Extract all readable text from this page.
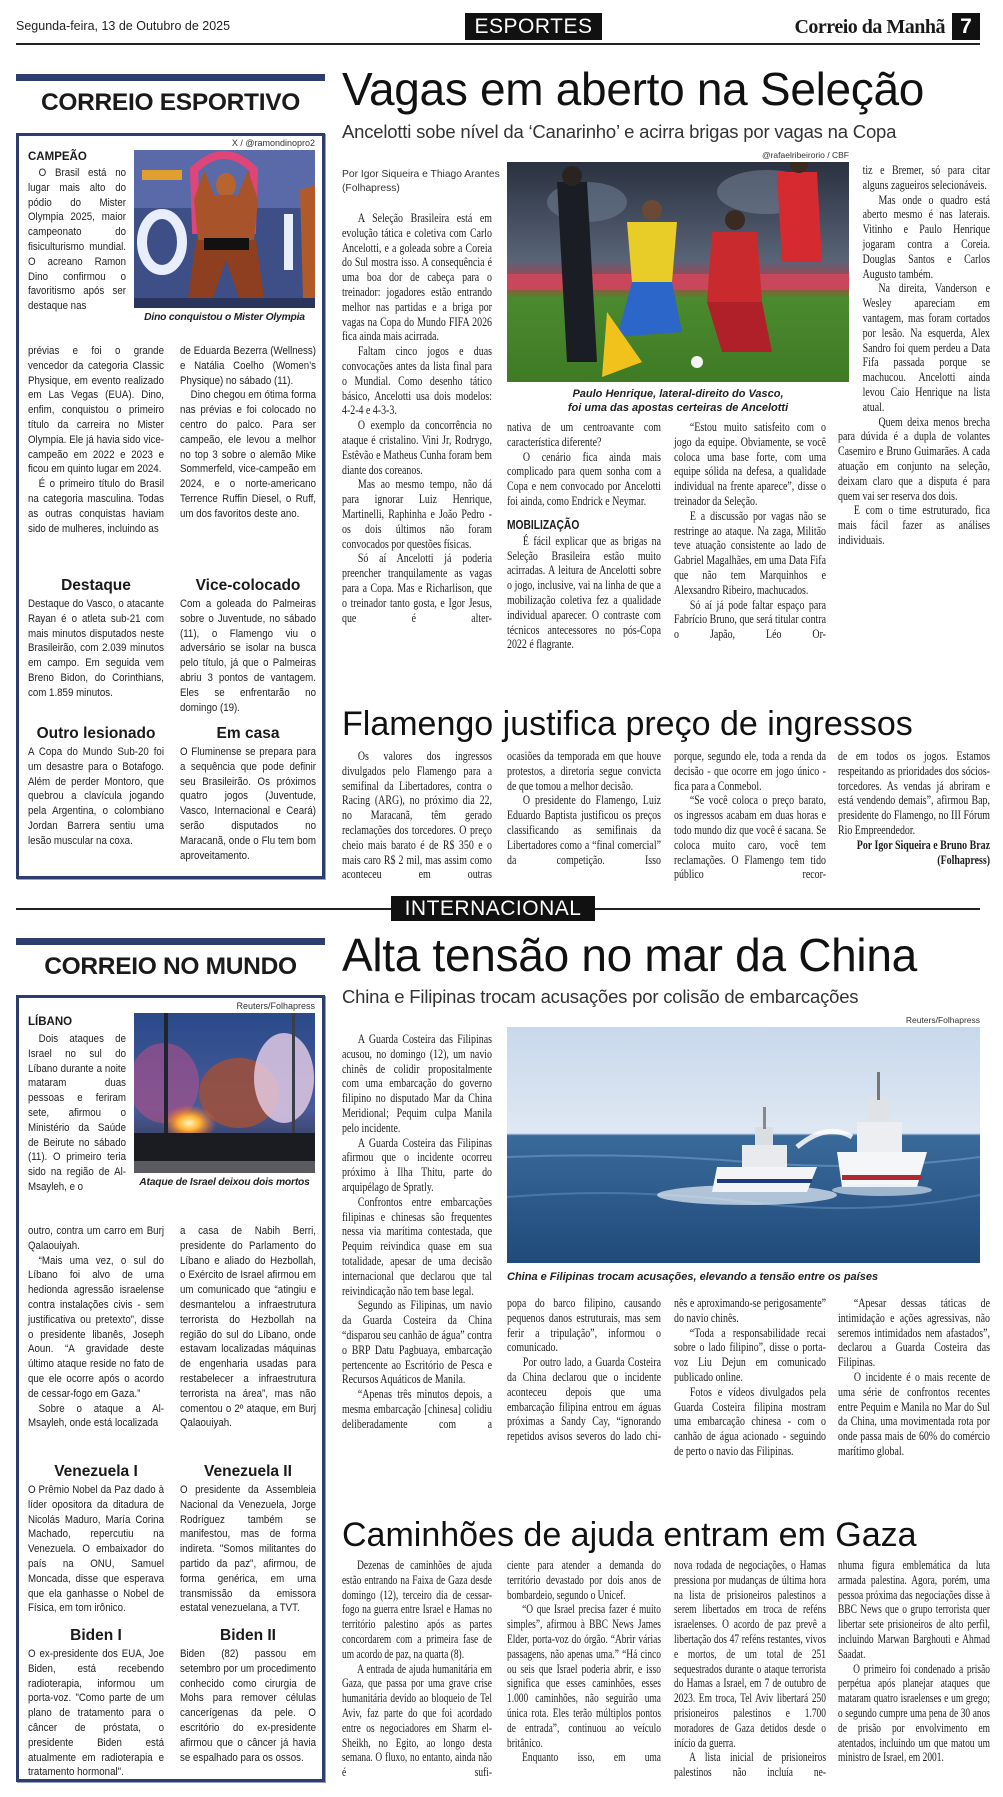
Segunda-feira, 13 de Outubro de 2025	ESPORTES	Correio da Manhã 7
CORREIO ESPORTIVO
X / @ramondinopro2
Dino conquistou o Mister Olympia
CAMPEÃO

O Brasil está no lugar mais alto do pódio do Mister Olympia 2025, maior campeonato do fisiculturismo mundial. O acreano Ramon Dino confirmou o favoritismo após ser destaque nas

prévias e foi o grande vencedor da categoria Classic Physique, em evento realizado em Las Vegas (EUA). Dino, enfim, conquistou o primeiro título da carreira no Mister Olympia. Ele já havia sido vice-campeão em 2022 e 2023 e ficou em quinto lugar em 2024.

É o primeiro título do Brasil na categoria masculina. Todas as outras conquistas haviam sido de mulheres, incluindo as

de Eduarda Bezerra (Wellness) e Natália Coelho (Women’s Physique) no sábado (11).

Dino chegou em ótima forma nas prévias e foi colocado no centro do palco. Para ser campeão, ele levou a melhor no top 3 sobre o alemão Mike Sommerfeld, vice-campeão em 2024, e o norte-americano Terrence Ruffin Diesel, o Ruff, um dos favoritos deste ano.

Destaque
Destaque do Vasco, o atacante Rayan é o atleta sub-21 com mais minutos disputados neste Brasileirão, com 2.039 minutos em campo. Em seguida vem Breno Bidon, do Corinthians, com 1.859 minutos.
Vice-colocado
Com a goleada do Palmeiras sobre o Juventude, no sábado (11), o Flamengo viu o adversário se isolar na busca pelo título, já que o Palmeiras abriu 3 pontos de vantagem. Eles se enfrentarão no domingo (19).
Outro lesionado
A Copa do Mundo Sub-20 foi um desastre para o Botafogo. Além de perder Montoro, que quebrou a clavícula jogando pela Argentina, o colombiano Jordan Barrera sentiu uma lesão muscular na coxa.
Em casa
O Fluminense se prepara para a sequência que pode definir seu Brasileirão. Os próximos quatro jogos (Juventude, Vasco, Internacional e Ceará) serão disputados no Maracanã, onde o Flu tem bom aproveitamento.
Vagas em aberto na Seleção
Ancelotti sobe nível da ‘Canarinho’ e acirra brigas por vagas na Copa
Por Igor Siqueira e Thiago Arantes (Folhapress)
@rafaelribeirorio / CBF
Paulo Henrique, lateral-direito do Vasco,
foi uma das apostas certeiras de Ancelotti

A Seleção Brasileira está em evolução tática e coletiva com Carlo Ancelotti, e a goleada sobre a Coreia do Sul mostra isso. A consequência é uma boa dor de cabeça para o treinador: jogadores estão entrando melhor nas partidas e a briga por vagas na Copa do Mundo FIFA 2026 fica ainda mais acirrada.

Faltam cinco jogos e duas convocações antes da lista final para o Mundial. Como desenho tático básico, Ancelotti usa dois modelos: 4-2-4 e 4-3-3.

O exemplo da concorrência no ataque é cristalino. Vini Jr, Rodrygo, Estêvão e Matheus Cunha foram bem diante dos coreanos.

Mas ao mesmo tempo, não dá para ignorar Luiz Henrique, Martinelli, Raphinha e João Pedro - os dois últimos não foram convocados por questões físicas.

Só aí Ancelotti já poderia preencher tranquilamente as vagas para a Copa. Mas e Richarlison, que o treinador tanto gosta, e Igor Jesus, que é alter-

nativa de um centroavante com característica diferente?

O cenário fica ainda mais complicado para quem sonha com a Copa e nem convocado por Ancelotti foi ainda, como Endrick e Neymar.

MOBILIZAÇÃO

É fácil explicar que as brigas na Seleção Brasileira estão muito acirradas. A leitura de Ancelotti sobre o jogo, inclusive, vai na linha de que a mobilização coletiva fez a qualidade individual aparecer. O contraste com técnicos antecessores no pós-Copa 2022 é flagrante.

“Estou muito satisfeito com o jogo da equipe. Obviamente, se você coloca uma base forte, com uma equipe sólida na defesa, a qualidade individual na frente aparece”, disse o treinador da Seleção.

E a discussão por vagas não se restringe ao ataque. Na zaga, Militão teve atuação consistente ao lado de Gabriel Magalhães, em uma Data Fifa que não tem Marquinhos e Alexsandro Ribeiro, machucados.

Só aí já pode faltar espaço para Fabrício Bruno, que será titular contra o Japão, Léo Or-

tiz e Bremer, só para citar alguns zagueiros selecionáveis.

Mas onde o quadro está aberto mesmo é nas laterais. Vitinho e Paulo Henrique jogaram contra a Coreia. Douglas Santos e Carlos Augusto também.

Na direita, Vanderson e Wesley apareciam em vantagem, mas foram cortados por lesão. Na esquerda, Alex Sandro foi quem perdeu a Data Fifa passada porque se machucou. Ancelotti ainda levou Caio Henrique na lista atual.

Quem deixa menos brecha para dúvida é a dupla de volantes Casemiro e Bruno Guimarães. A cada atuação em conjunto na seleção, deixam claro que a disputa é para quem vai ser reserva dos dois.

E com o time estruturado, fica mais fácil fazer as análises individuais.

Flamengo justifica preço de ingressos

Os valores dos ingressos divulgados pelo Flamengo para a semifinal da Libertadores, contra o Racing (ARG), no próximo dia 22, no Maracanã, têm gerado reclamações dos torcedores. O preço cheio mais barato é de R$ 350 e o mais caro R$ 2 mil, mas assim como aconteceu em outras

ocasiões da temporada em que houve protestos, a diretoria segue convicta de que tomou a melhor decisão.

O presidente do Flamengo, Luiz Eduardo Baptista justificou os preços classificando as semifinais da Libertadores como a “final comercial” da competição. Isso

porque, segundo ele, toda a renda da decisão - que ocorre em jogo único - fica para a Conmebol.

“Se você coloca o preço barato, os ingressos acabam em duas horas e todo mundo diz que você é sacana. Se coloca muito caro, você tem reclamações. O Flamengo tem tido público recor-

de em todos os jogos. Estamos respeitando as prioridades dos sócios-torcedores. As vendas já abriram e está vendendo demais”, afirmou Bap, presidente do Flamengo, no III Fórum Rio Empreendedor.

Por Igor Siqueira e Bruno Braz (Folhapress)
INTERNACIONAL
CORREIO NO MUNDO
Reuters/Folhapress
Ataque de Israel deixou dois mortos
LÍBANO

Dois ataques de Israel no sul do Líbano durante a noite mataram duas pessoas e feriram sete, afirmou o Ministério da Saúde de Beirute no sábado (11). O primeiro teria sido na região de Al-Msayleh, e o

outro, contra um carro em Burj Qalaouiyah.

“Mais uma vez, o sul do Líbano foi alvo de uma hedionda agressão israelense contra instalações civis - sem justificativa ou pretexto”, disse o presidente libanês, Joseph Aoun. “A gravidade deste último ataque reside no fato de que ele ocorre após o acordo de cessar-fogo em Gaza.”

Sobre o ataque a Al-Msayleh, onde está localizada

a casa de Nabih Berri, presidente do Parlamento do Líbano e aliado do Hezbollah, o Exército de Israel afirmou em um comunicado que “atingiu e desmantelou a infraestrutura terrorista do Hezbollah na região do sul do Líbano, onde estavam localizadas máquinas de engenharia usadas para restabelecer a infraestrutura terrorista na área”, mas não comentou o 2º ataque, em Burj Qalaouiyah.

Venezuela I
O Prêmio Nobel da Paz dado à líder opositora da ditadura de Nicolás Maduro, María Corina Machado, repercutiu na Venezuela. O embaixador do país na ONU, Samuel Moncada, disse que esperava que ela ganhasse o Nobel de Física, em tom irônico.
Venezuela II
O presidente da Assembleia Nacional da Venezuela, Jorge Rodríguez também se manifestou, mas de forma indireta. "Somos militantes do partido da paz", afirmou, de forma genérica, em uma transmissão da emissora estatal venezuelana, a TVT.
Biden I
O ex-presidente dos EUA, Joe Biden, está recebendo radioterapia, informou um porta-voz. "Como parte de um plano de tratamento para o câncer de próstata, o presidente Biden está atualmente em radioterapia e tratamento hormonal".
Biden II
Biden (82) passou em setembro por um procedimento conhecido como cirurgia de Mohs para remover células cancerígenas da pele. O escritório do ex-presidente afirmou que o câncer já havia se espalhado para os ossos.
Alta tensão no mar da China
China e Filipinas trocam acusações por colisão de embarcações
Reuters/Folhapress
China e Filipinas trocam acusações, elevando a tensão entre os países

A Guarda Costeira das Filipinas acusou, no domingo (12), um navio chinês de colidir propositalmente com uma embarcação do governo filipino no disputado Mar da China Meridional; Pequim culpa Manila pelo incidente.

A Guarda Costeira das Filipinas afirmou que o incidente ocorreu próximo à Ilha Thitu, parte do arquipélago de Spratly.

Confrontos entre embarcações filipinas e chinesas são frequentes nessa via marítima contestada, que Pequim reivindica quase em sua totalidade, apesar de uma decisão internacional que declarou que tal reivindicação não tem base legal.

Segundo as Filipinas, um navio da Guarda Costeira da China “disparou seu canhão de água” contra o BRP Datu Pagbuaya, embarcação pertencente ao Escritório de Pesca e Recursos Aquáticos de Manila.

“Apenas três minutos depois, a mesma embarcação [chinesa] colidiu deliberadamente com a

popa do barco filipino, causando pequenos danos estruturais, mas sem ferir a tripulação”, informou o comunicado.

Por outro lado, a Guarda Costeira da China declarou que o incidente aconteceu depois que uma embarcação filipina entrou em águas próximas a Sandy Cay, “ignorando repetidos avisos severos do lado chi-

nês e aproximando-se perigosamente” do navio chinês.

“Toda a responsabilidade recai sobre o lado filipino”, disse o porta-voz Liu Dejun em comunicado publicado online.

Fotos e vídeos divulgados pela Guarda Costeira filipina mostram uma embarcação chinesa - com o canhão de água acionado - seguindo de perto o navio das Filipinas.

“Apesar dessas táticas de intimidação e ações agressivas, não seremos intimidados nem afastados”, declarou a Guarda Costeira das Filipinas.

O incidente é o mais recente de uma série de confrontos recentes entre Pequim e Manila no Mar do Sul da China, uma movimentada rota por onde passa mais de 60% do comércio marítimo global.

Caminhões de ajuda entram em Gaza

Dezenas de caminhões de ajuda estão entrando na Faixa de Gaza desde domingo (12), terceiro dia de cessar-fogo na guerra entre Israel e Hamas no território palestino após as partes concordarem com a primeira fase de um acordo de paz, na quarta (8).

A entrada de ajuda humanitária em Gaza, que passa por uma grave crise humanitária devido ao bloqueio de Tel Aviv, faz parte do que foi acordado entre os negociadores em Sharm el-Sheikh, no Egito, ao longo desta semana. O fluxo, no entanto, ainda não é sufi-

ciente para atender a demanda do território devastado por dois anos de bombardeio, segundo o Unicef.

“O que Israel precisa fazer é muito simples”, afirmou à BBC News James Elder, porta-voz do órgão. “Abrir várias passagens, não apenas uma.” “Há cinco ou seis que Israel poderia abrir, e isso significa que esses caminhões, esses 1.000 caminhões, não seguirão uma única rota. Eles terão múltiplos pontos de entrada”, continuou ao veículo britânico.

Enquanto isso, em uma

nova rodada de negociações, o Hamas pressiona por mudanças de última hora na lista de prisioneiros palestinos a serem libertados em troca de reféns israelenses. O acordo de paz prevê a libertação dos 47 reféns restantes, vivos e mortos, de um total de 251 sequestrados durante o ataque terrorista do Hamas a Israel, em 7 de outubro de 2023. Em troca, Tel Aviv libertará 250 prisioneiros palestinos e 1.700 moradores de Gaza detidos desde o início da guerra.

A lista inicial de prisioneiros palestinos não incluía ne-

nhuma figura emblemática da luta armada palestina. Agora, porém, uma pessoa próxima das negociações disse à BBC News que o grupo terrorista quer libertar sete prisioneiros de alto perfil, incluindo Marwan Barghouti e Ahmad Saadat.

O primeiro foi condenado a prisão perpétua após planejar ataques que mataram quatro israelenses e um grego; o segundo cumpre uma pena de 30 anos de prisão por envolvimento em atentados, incluindo um que matou um ministro de Israel, em 2001.
